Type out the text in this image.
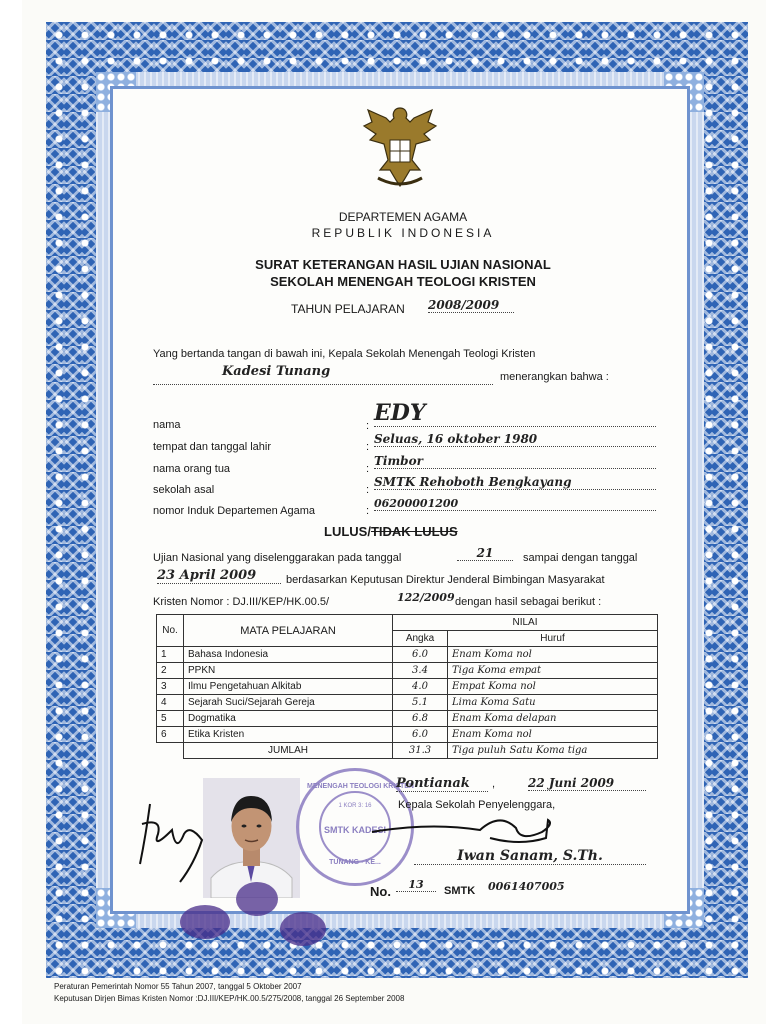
DEPARTEMEN AGAMA
REPUBLIK INDONESIA
SURAT KETERANGAN HASIL UJIAN NASIONAL
SEKOLAH MENENGAH TEOLOGI KRISTEN
TAHUN PELAJARAN 2008/2009
Yang bertanda tangan di bawah ini, Kepala Sekolah Menengah Teologi Kristen
Kadesi Tunang	menerangkan bahwa :
nama	: EDY
tempat dan tanggal lahir	:
Seluas, 16 oktober 1980
nama orang tua	:
Timbor
sekolah asal	:
SMTK Rehoboth Bengkayang
nomor Induk Departemen Agama	:
06200001200
LULUS/TIDAK LULUS
Ujian Nasional yang diselenggarakan pada tanggal	21	sampai dengan tanggal
23 April 2009	berdasarkan Keputusan Direktur Jenderal Bimbingan Masyarakat
Kristen Nomor : DJ.III/KEP/HK.00.5/	122/2009 dengan hasil sebagai berikut :
No.	MATA PELAJARAN	NILAI	
		Angka	Huruf
1	Bahasa Indonesia	6.0	Enam Koma nol
2	PPKN	3.4	Tiga Koma empat
3	Ilmu Pengetahuan Alkitab	4.0	Empat Koma nol
4	Sejarah Suci/Sejarah Gereja	5.1	Lima Koma Satu
5	Dogmatika	6.8	Enam Koma delapan
6	Etika Kristen	6.0	Enam Koma nol
	JUMLAH	31.3	Tiga puluh Satu Koma tiga
MENENGAH TEOLOGI KRISTEN
1 KOR 3: 16
SMTK KADESI
TUNANG - KE...
Pontianak	,	22 Juni 2009
Kepala Sekolah Penyelenggara,
Iwan Sanam, S.Th.
No.	13	SMTK 0061407005
Peraturan Pemerintah Nomor 55 Tahun 2007, tanggal 5 Oktober 2007
Keputusan Dirjen Bimas Kristen Nomor :DJ.III/KEP/HK.00.5/275/2008, tanggal 26 September 2008
